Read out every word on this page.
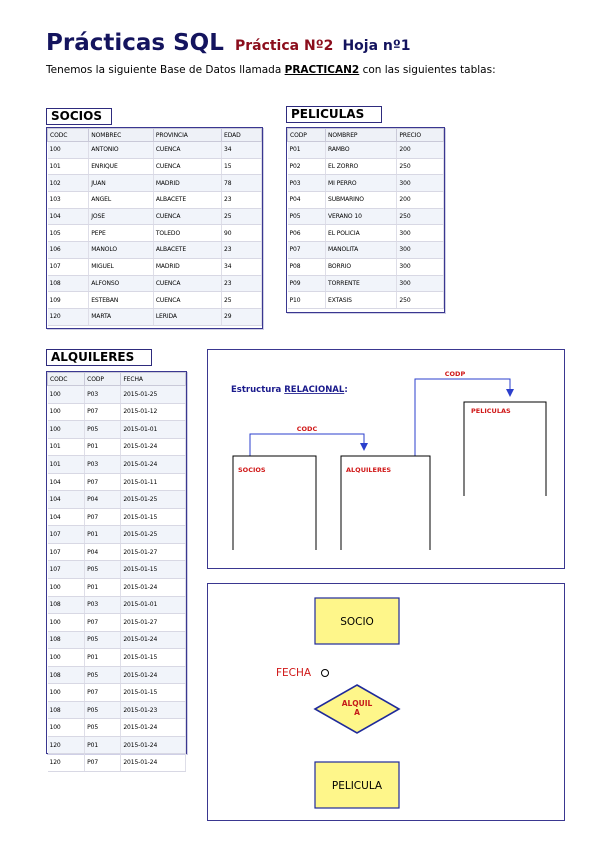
Prácticas SQL Práctica Nº2 Hoja nº1
Tenemos la siguiente Base de Datos llamada PRACTICAN2 con las siguientes tablas:
CODC	NOMBREC	PROVINCIA	EDAD
100	ANTONIO	CUENCA	34
101	ENRIQUE	CUENCA	15
102	JUAN	MADRID	78
103	ANGEL	ALBACETE	23
104	JOSE	CUENCA	25
105	PEPE	TOLEDO	90
106	MANOLO	ALBACETE	23
107	MIGUEL	MADRID	34
108	ALFONSO	CUENCA	23
109	ESTEBAN	CUENCA	25
120	MARTA	LERIDA	29
SOCIOS
CODP	NOMBREP	PRECIO
P01	RAMBO	200
P02	EL ZORRO	250
P03	MI PERRO	300
P04	SUBMARINO	200
P05	VERANO 10	250
P06	EL POLICIA	300
P07	MANOLITA	300
P08	BORRIO	300
P09	TORRENTE	300
P10	EXTASIS	250
PELICULAS
CODC	CODP	FECHA
100	P03	2015-01-25
100	P07	2015-01-12
100	P05	2015-01-01
101	P01	2015-01-24
101	P03	2015-01-24
104	P07	2015-01-11
104	P04	2015-01-25
104	P07	2015-01-15
107	P01	2015-01-25
107	P04	2015-01-27
107	P05	2015-01-15
100	P01	2015-01-24
108	P03	2015-01-01
100	P07	2015-01-27
108	P05	2015-01-24
100	P01	2015-01-15
108	P05	2015-01-24
100	P07	2015-01-15
108	P05	2015-01-23
100	P05	2015-01-24
120	P01	2015-01-24
120	P07	2015-01-24
ALQUILERES
Estructura RELACIONAL:
CODC
CODP
SOCIOS	ALQUILERES
PELICULAS
SOCIO
FECHA
ALQUIL
A
PELICULA
